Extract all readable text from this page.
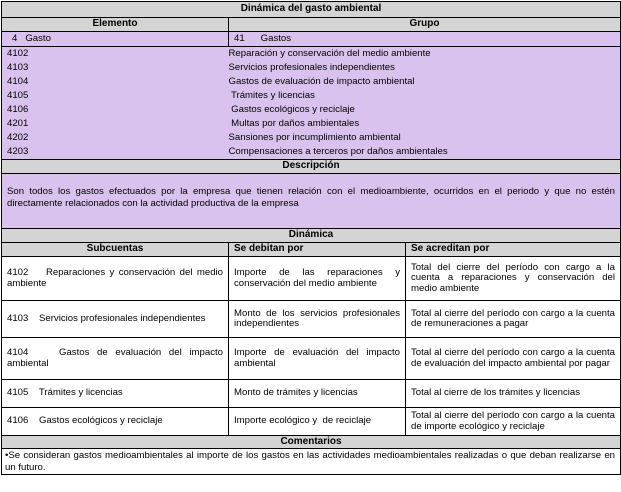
Dinámica del gasto ambiental		
Elemento	Grupo	
4   Gasto	41      Gastos	
4102	Reparación y conservación del medio ambiente	
4103	Servicios profesionales independientes	
4104	Gastos de evaluación de impacto ambiental	
4105	Trámites y licencias	
4106	Gastos ecológicos y reciclaje	
4201	Multas por daños ambientales	
4202	Sansiones por incumplimiento ambiental	
4203	Compensaciones a terceros por daños ambientales	
Descripción		
Son todos los gastos efectuados por la empresa que tienen relación con el medioambiente, ocurridos en el periodo y que no estén directamente relacionados con la actividad productiva de la empresa		
Dinámica		
Subcuentas	Se debitan por	Se acreditan por
4102    Reparaciones y conservación del medio ambiente	Importe de las reparaciones y conservación del medio ambiente	Total del cierre del período con cargo a la cuenta a reparaciones y conservación del medio ambiente
4103    Servicios profesionales independientes	Monto de los servicios profesionales independientes	Total al cierre del período con cargo a la cuenta de remuneraciones a pagar
4104    Gastos de evaluación del impacto ambiental	Importe de evaluación del impacto ambiental	Total al cierre del período con cargo a la cuenta de evaluación del impacto ambiental por pagar
4105    Trámites y licencias	Monto de trámites y licencias	Total al cierre de los trámites y licencias
4106    Gastos ecológicos y reciclaje	Importe ecológico y  de reciclaje	Total al cierre del período con cargo a la cuenta de importe ecológico y reciclaje
Comentarios		
•Se consideran gastos medioambientales al importe de los gastos en las actividades medioambientales realizadas o que deban realizarse en un futuro.		
